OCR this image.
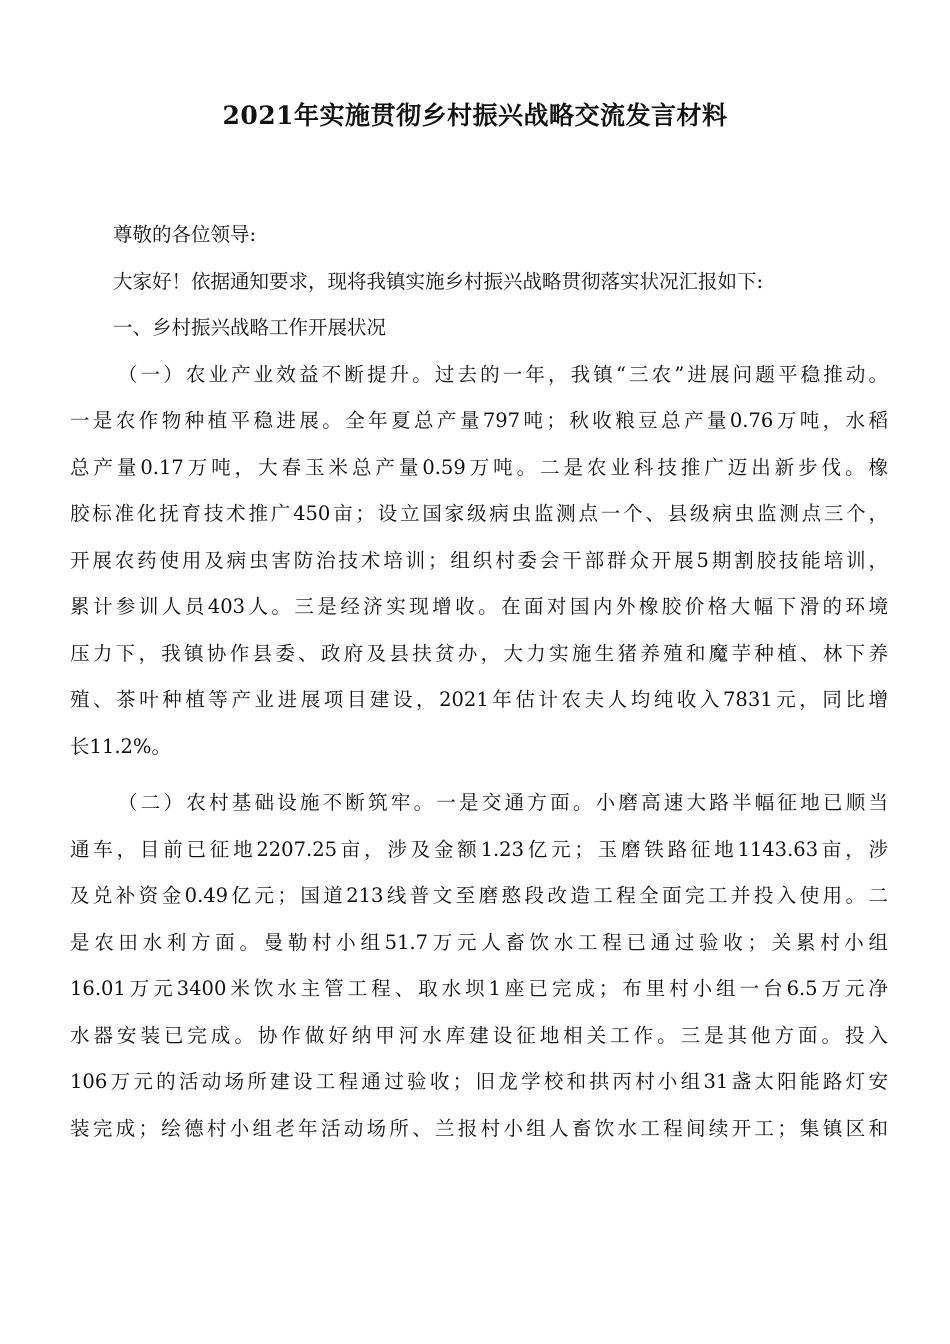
2021年实施贯彻乡村振兴战略交流发言材料
尊敬的各位领导:
大家好！依据通知要求，现将我镇实施乡村振兴战略贯彻落实状况汇报如下:
一、乡村振兴战略工作开展状况
（一）农业产业效益不断提升。过去的一年，我镇“三农”进展问题平稳推动。
一是农作物种植平稳进展。全年夏总产量797吨；秋收粮豆总产量0.76万吨，水稻
总产量0.17万吨，大春玉米总产量0.59万吨。二是农业科技推广迈出新步伐。橡
胶标准化抚育技术推广450亩；设立国家级病虫监测点一个、县级病虫监测点三个，
开展农药使用及病虫害防治技术培训；组织村委会干部群众开展5期割胶技能培训，
累计参训人员403人。三是经济实现增收。在面对国内外橡胶价格大幅下滑的环境
压力下，我镇协作县委、政府及县扶贫办，大力实施生猪养殖和魔芋种植、林下养
殖、茶叶种植等产业进展项目建设，2021年估计农夫人均纯收入7831元，同比增
长11.2%。
（二）农村基础设施不断筑牢。一是交通方面。小磨高速大路半幅征地已顺当
通车，目前已征地2207.25亩，涉及金额1.23亿元；玉磨铁路征地1143.63亩，涉
及兑补资金0.49亿元；国道213线普文至磨憨段改造工程全面完工并投入使用。二
是农田水利方面。曼勒村小组51.7万元人畜饮水工程已通过验收；关累村小组
16.01万元3400米饮水主管工程、取水坝1座已完成；布里村小组一台6.5万元净
水器安装已完成。协作做好纳甲河水库建设征地相关工作。三是其他方面。投入
106万元的活动场所建设工程通过验收；旧龙学校和拱丙村小组31盏太阳能路灯安
装完成；绘德村小组老年活动场所、兰报村小组人畜饮水工程间续开工；集镇区和
